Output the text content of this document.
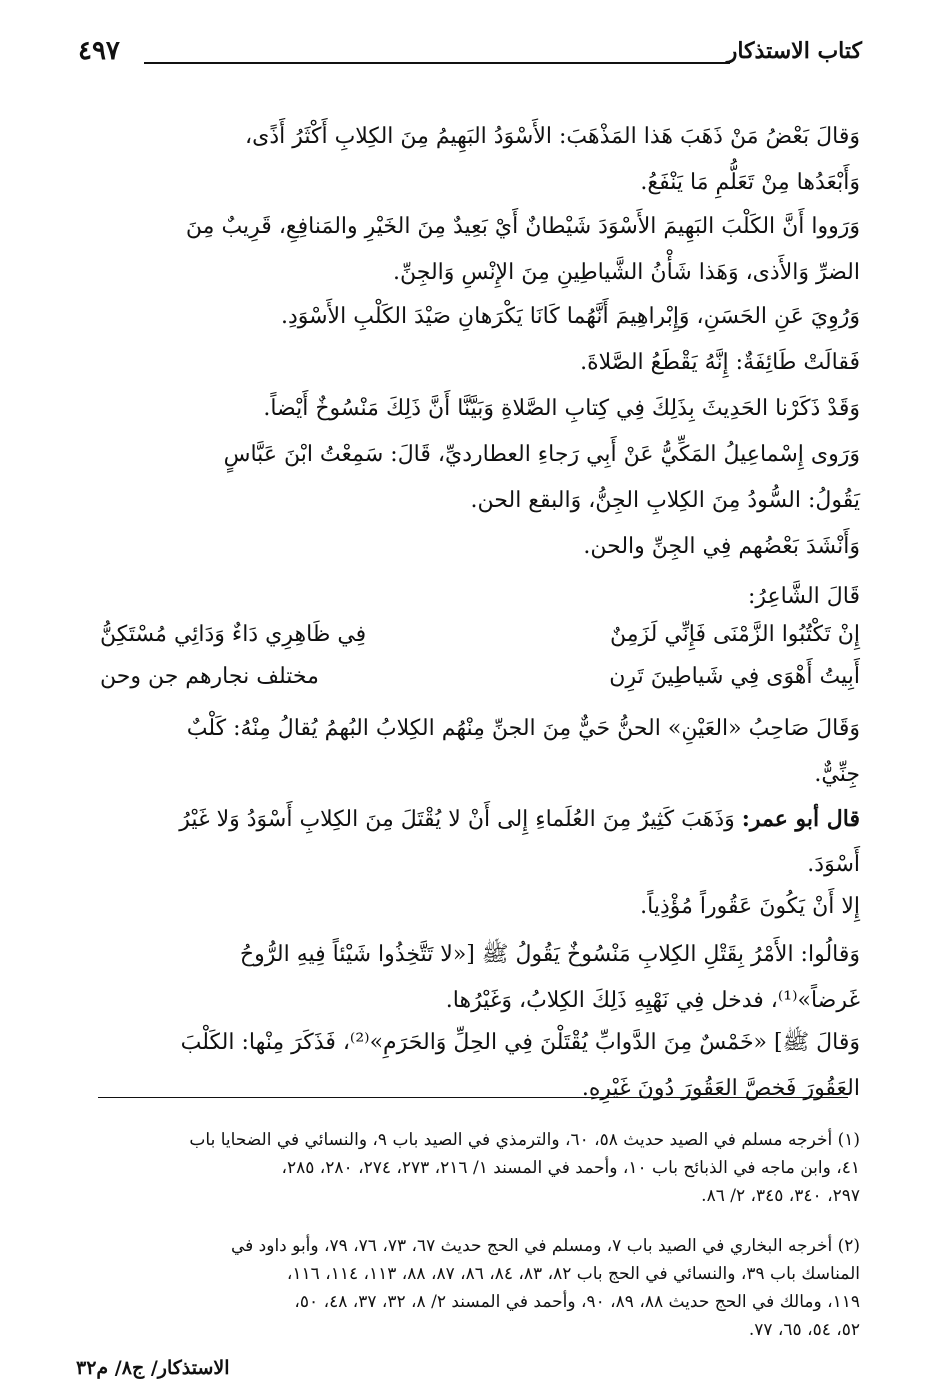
كتاب الاستذكار
٤٩٧
وَقالَ بَعْضُ مَنْ ذَهَبَ هَذا المَذْهَبَ: الأَسْوَدُ البَهِيمُ مِنَ الكِلابِ أَكْثَرُ أَذًى،
وَأَبْعَدُها مِنْ تَعَلُّمِ مَا يَنْفَعُ.
وَرَووا أَنَّ الكَلْبَ البَهِيمَ الأَسْوَدَ شَيْطانٌ أَيْ بَعِيدٌ مِنَ الخَيْرِ والمَنافِعِ، قَرِيبٌ مِنَ
الضرِّ وَالأَذى، وَهَذا شَأْنُ الشَّياطِينِ مِنَ الإِنْسِ وَالجِنِّ.
وَرُوِيَ عَنِ الحَسَنِ، وَإِبْراهِيمَ أَنَّهُما كَانَا يَكْرَهانِ صَيْدَ الكَلْبِ الأَسْوَدِ.
فَقالَتْ طَائِفَةٌ: إِنَّهُ يَقْطَعُ الصَّلاةَ.
وَقَدْ ذَكَرْنا الحَدِيثَ بِذَلِكَ فِي كِتابِ الصَّلاةِ وَبَيَّنَّا أَنَّ ذَلِكَ مَنْسُوخٌ أَيْضاً.
وَرَوى إِسْماعِيلُ المَكِّيُّ عَنْ أَبِي رَجاءِ العطارديِّ، قَالَ: سَمِعْتُ ابْنَ عَبَّاسٍ
يَقُولُ: السُّودُ مِنَ الكِلابِ الجِنُّ، وَالبقع الحن.
وَأَنْشَدَ بَعْضُهم فِي الجِنِّ والحن.
قَالَ الشَّاعِرُ:
إِنْ تَكْتُبُوا الزَّمْنَى فَإِنِّي لَزَمِنٌ
فِي ظَاهِرِي دَاءٌ وَدَائِي مُسْتَكِنُّ
أَبِيتُ أَهْوَى فِي شَياطِينَ تَرِن
مختلف نجارهم جن وحن
وَقَالَ صَاحِبُ «العَيْنِ» الحنُّ حَيٌّ مِنَ الجنِّ مِنْهُم الكِلابُ البُهمُ يُقالُ مِنْهُ: كَلْبٌ
جِنِّيٌّ.
قال أبو عمر: وَذَهَبَ كَثِيرٌ مِنَ العُلَماءِ إِلى أَنْ لا يُقْتَلَ مِنَ الكِلابِ أَسْوَدُ وَلا غَيْرُ
أَسْوَدَ.
إِلا أَنْ يَكُونَ عَقُوراً مُؤْذِياً.
وَقالُوا: الأَمْرُ بِقَتْلِ الكِلابِ مَنْسُوخٌ يَقُولُ ﷺ [«لا تَتَّخِذُوا شَيْئاً فِيهِ الرُّوحُ
غَرضاً»⁽¹⁾، فدخل فِي نَهْيِهِ ذَلِكَ الكِلابُ، وَغَيْرُها.
وَقالَ ﷺ] «خَمْسٌ مِنَ الدَّوابِّ يُقْتَلْنَ فِي الحِلِّ وَالحَرَمِ»⁽²⁾، فَذَكَرَ مِنْها: الكَلْبَ
العَقُورَ فَخصَّ العَقُورَ دُونَ غَيْرِهِ.
(١) أخرجه مسلم في الصيد حديث ٥٨، ٦٠، والترمذي في الصيد باب ٩، والنسائي في الضحايا باب
٤١، وابن ماجه في الذبائح باب ١٠، وأحمد في المسند ١/ ٢١٦، ٢٧٣، ٢٧٤، ٢٨٠، ٢٨٥،
٢٩٧، ٣٤٠، ٣٤٥، ٢/ ٨٦.
(٢) أخرجه البخاري في الصيد باب ٧، ومسلم في الحج حديث ٦٧، ٧٣، ٧٦، ٧٩، وأبو داود في
المناسك باب ٣٩، والنسائي في الحج باب ٨٢، ٨٣، ٨٤، ٨٦، ٨٧، ٨٨، ١١٣، ١١٤، ١١٦،
١١٩، ومالك في الحج حديث ٨٨، ٨٩، ٩٠، وأحمد في المسند ٢/ ٨، ٣٢، ٣٧، ٤٨، ٥٠،
٥٢، ٥٤، ٦٥، ٧٧.
الاستذكار/ ج٨/ م٣٢
